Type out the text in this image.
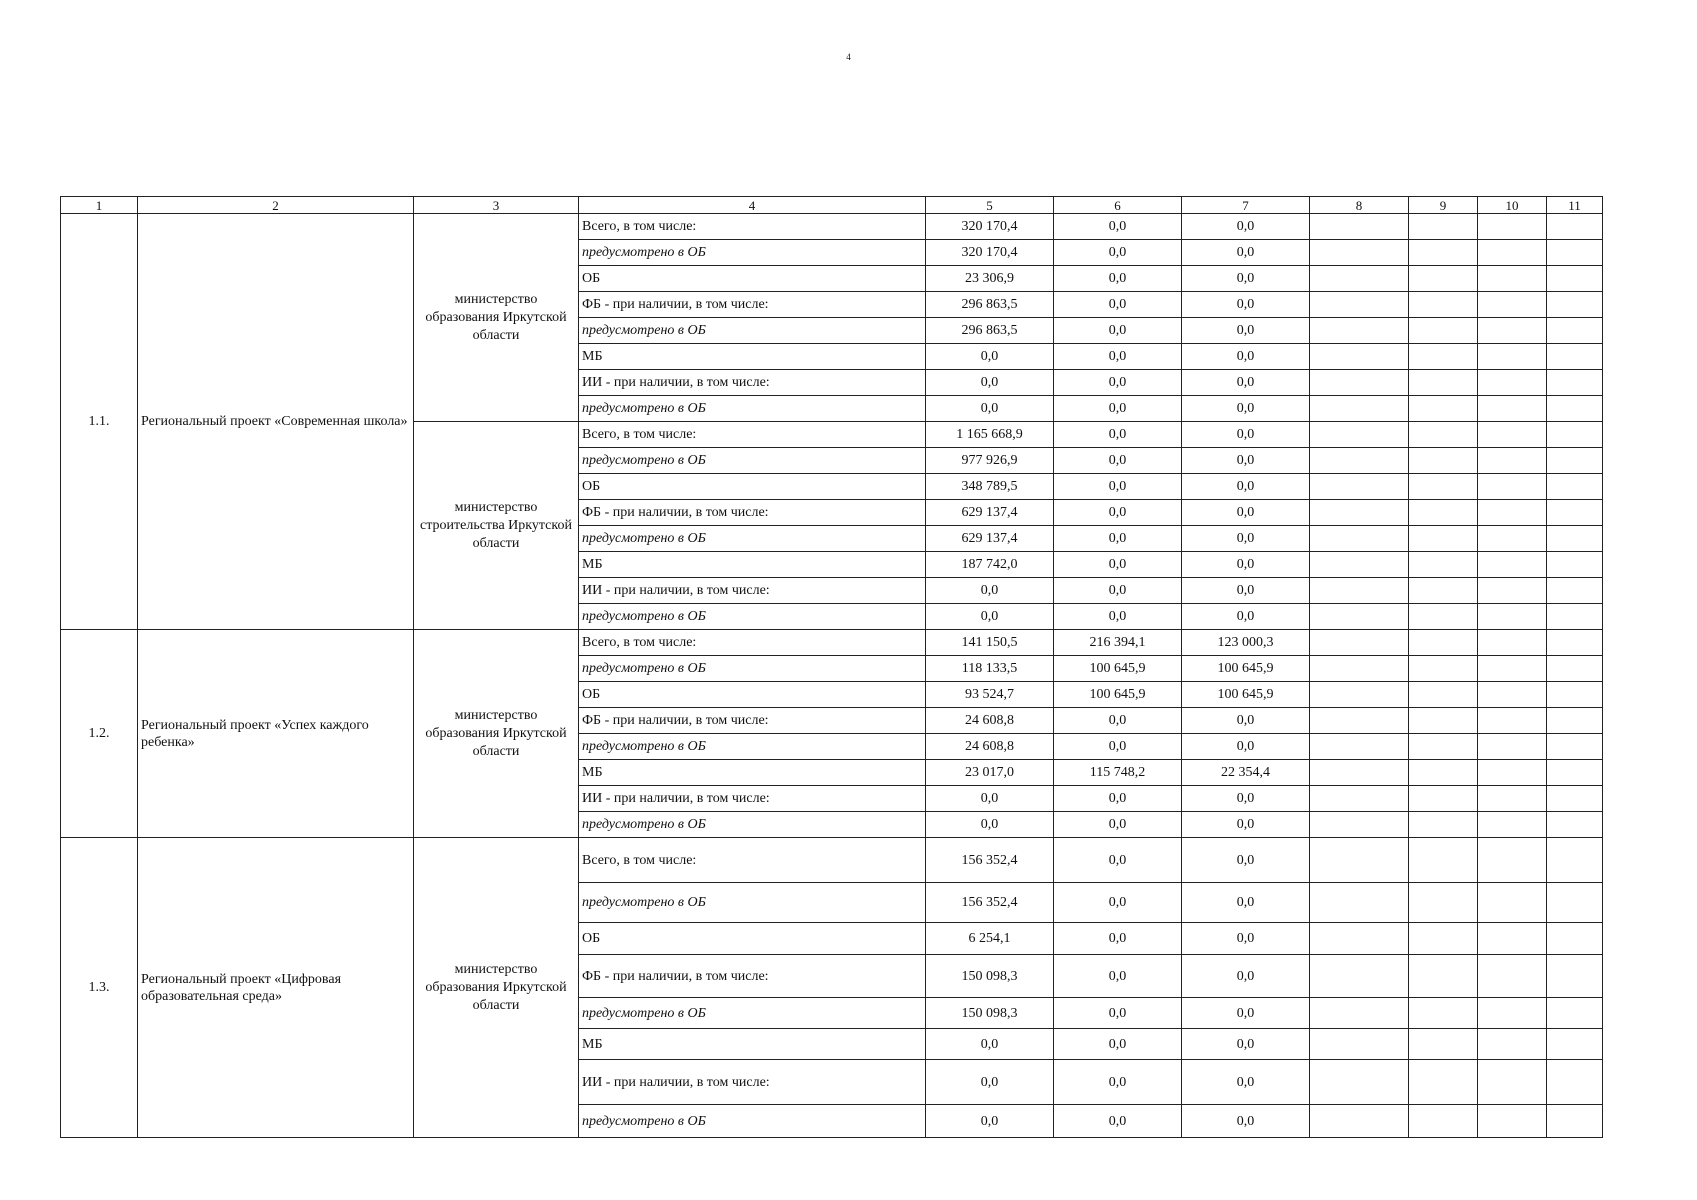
4
1	2	3	4	5	6	7	8	9	10	11
1.1.	Региональный проект «Современная школа»	министерство образования Иркутской области	Всего, в том числе:	320 170,4	0,0	0,0				
			предусмотрено в ОБ	320 170,4	0,0	0,0				
			ОБ	23 306,9	0,0	0,0				
			ФБ - при наличии, в том числе:	296 863,5	0,0	0,0				
			предусмотрено в ОБ	296 863,5	0,0	0,0				
			МБ	0,0	0,0	0,0				
			ИИ - при наличии, в том числе:	0,0	0,0	0,0				
			предусмотрено в ОБ	0,0	0,0	0,0				
		министерство строительства Иркутской области	Всего, в том числе:	1 165 668,9	0,0	0,0				
			предусмотрено в ОБ	977 926,9	0,0	0,0				
			ОБ	348 789,5	0,0	0,0				
			ФБ - при наличии, в том числе:	629 137,4	0,0	0,0				
			предусмотрено в ОБ	629 137,4	0,0	0,0				
			МБ	187 742,0	0,0	0,0				
			ИИ - при наличии, в том числе:	0,0	0,0	0,0				
			предусмотрено в ОБ	0,0	0,0	0,0				
1.2.	Региональный проект «Успех каждого ребенка»	министерство образования Иркутской области	Всего, в том числе:	141 150,5	216 394,1	123 000,3				
			предусмотрено в ОБ	118 133,5	100 645,9	100 645,9				
			ОБ	93 524,7	100 645,9	100 645,9				
			ФБ - при наличии, в том числе:	24 608,8	0,0	0,0				
			предусмотрено в ОБ	24 608,8	0,0	0,0				
			МБ	23 017,0	115 748,2	22 354,4				
			ИИ - при наличии, в том числе:	0,0	0,0	0,0				
			предусмотрено в ОБ	0,0	0,0	0,0				
1.3.	Региональный проект «Цифровая образовательная среда»	министерство образования Иркутской области	Всего, в том числе:	156 352,4	0,0	0,0				
			предусмотрено в ОБ	156 352,4	0,0	0,0				
			ОБ	6 254,1	0,0	0,0				
			ФБ - при наличии, в том числе:	150 098,3	0,0	0,0				
			предусмотрено в ОБ	150 098,3	0,0	0,0				
			МБ	0,0	0,0	0,0				
			ИИ - при наличии, в том числе:	0,0	0,0	0,0				
			предусмотрено в ОБ	0,0	0,0	0,0				
